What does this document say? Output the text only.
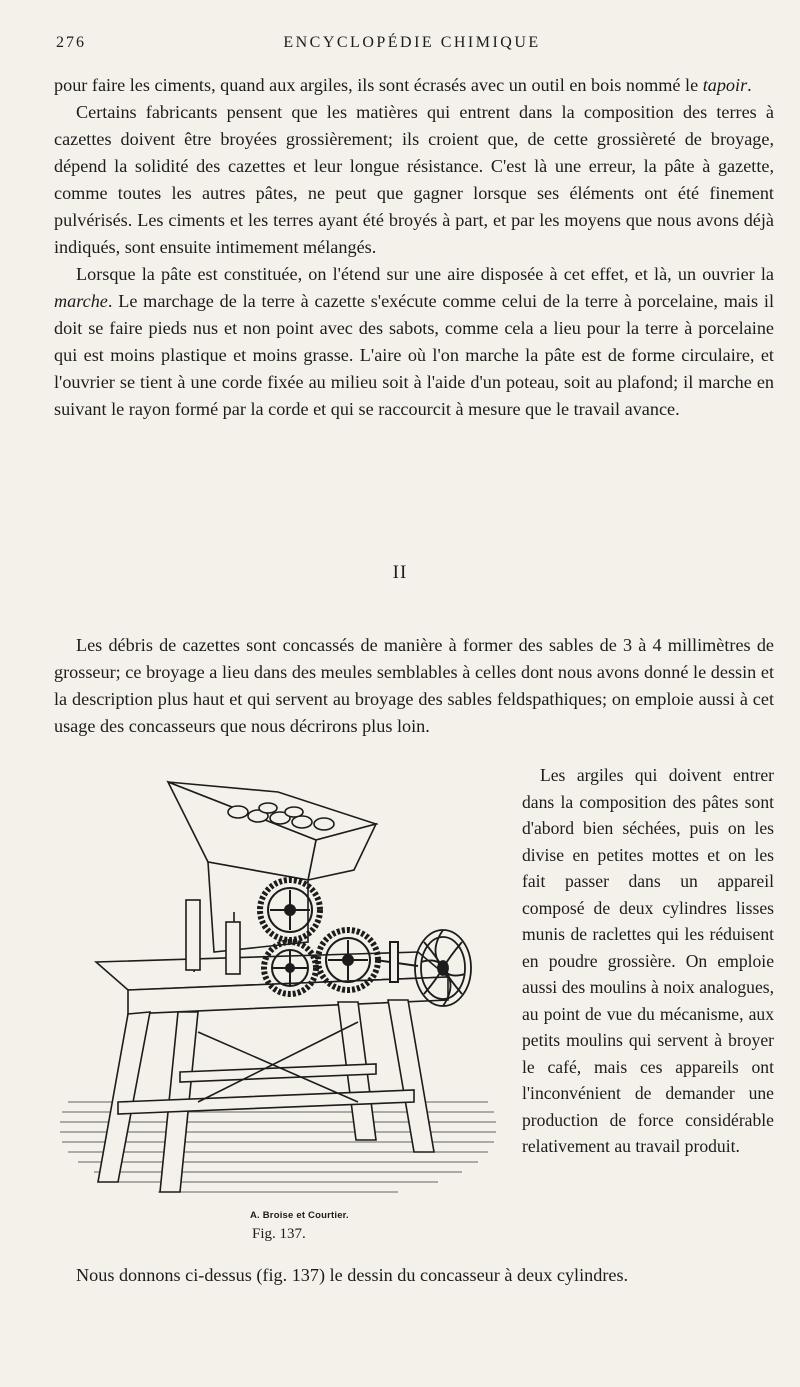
276	ENCYCLOPÉDIE CHIMIQUE

pour faire les ciments, quand aux argiles, ils sont écrasés avec un outil en bois nommé le tapoir.

Certains fabricants pensent que les matières qui entrent dans la composition des terres à cazettes doivent être broyées grossièrement; ils croient que, de cette grossièreté de broyage, dépend la solidité des cazettes et leur longue résistance. C'est là une erreur, la pâte à gazette, comme toutes les autres pâtes, ne peut que gagner lorsque ses éléments ont été finement pulvérisés. Les ciments et les terres ayant été broyés à part, et par les moyens que nous avons déjà indiqués, sont ensuite intimement mélangés.

Lorsque la pâte est constituée, on l'étend sur une aire disposée à cet effet, et là, un ouvrier la marche. Le marchage de la terre à cazette s'exécute comme celui de la terre à porcelaine, mais il doit se faire pieds nus et non point avec des sabots, comme cela a lieu pour la terre à porcelaine qui est moins plastique et moins grasse. L'aire où l'on marche la pâte est de forme circulaire, et l'ouvrier se tient à une corde fixée au milieu soit à l'aide d'un poteau, soit au plafond; il marche en suivant le rayon formé par la corde et qui se raccourcit à mesure que le travail avance.

II

Les débris de cazettes sont concassés de manière à former des sables de 3 à 4 millimètres de grosseur; ce broyage a lieu dans des meules semblables à celles dont nous avons donné le dessin et la description plus haut et qui servent au broyage des sables feldspathiques; on emploie aussi à cet usage des concasseurs que nous décrirons plus loin.

A. Broise et Courtier.
Fig. 137.

Les argiles qui doivent entrer dans la composition des pâtes sont d'abord bien séchées, puis on les divise en petites mottes et on les fait passer dans un appareil composé de deux cylindres lisses munis de raclettes qui les réduisent en poudre grossière. On emploie aussi des moulins à noix analogues, au point de vue du mécanisme, aux petits moulins qui servent à broyer le café, mais ces appareils ont l'inconvénient de demander une production de force considérable relativement au travail produit.

Nous donnons ci-dessus (fig. 137) le dessin du concasseur à deux cylindres.
